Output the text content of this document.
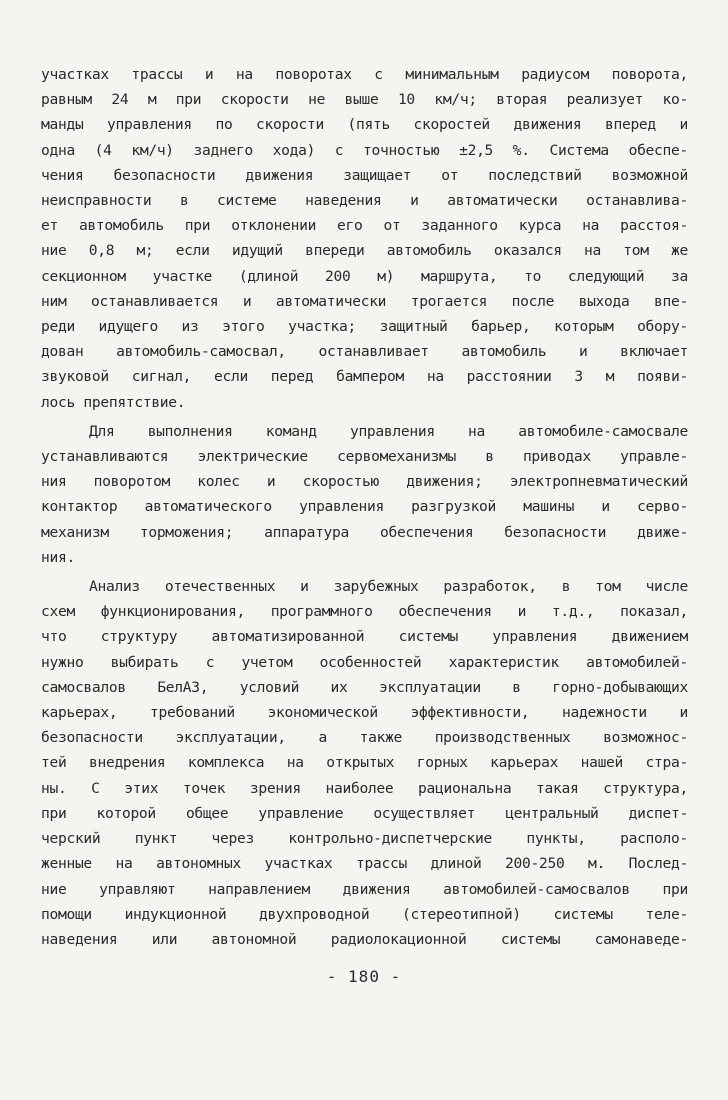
участках трассы и на поворотах с минимальным радиусом поворота,
равным 24 м при скорости не выше 10 км/ч; вторая реализует ко-
манды управления по скорости (пять скоростей движения вперед и
одна (4 км/ч) заднего хода) с точностью ±2,5 %. Система обеспе-
чения безопасности движения защищает от последствий возможной
неисправности в системе наведения и автоматически останавлива-
ет автомобиль при отклонении его от заданного курса на расстоя-
ние 0,8 м; если идущий впереди автомобиль оказался на том же
секционном участке (длиной 200 м) маршрута, то следующий за
ним останавливается и автоматически трогается после выхода впе-
реди идущего из этого участка; защитный барьер, которым обору-
дован автомобиль-самосвал, останавливает автомобиль и включает
звуковой сигнал, если перед бампером на расстоянии 3 м появи-
лось препятствие.
Для выполнения команд управления на автомобиле-самосвале
устанавливаются электрические сервомеханизмы в приводах управле-
ния поворотом колес и скоростью движения; электропневматический
контактор автоматического управления разгрузкой машины и серво-
механизм торможения; аппаратура обеспечения безопасности движе-
ния.
Анализ отечественных и зарубежных разработок, в том числе
схем функционирования, программного обеспечения и т.д., показал,
что структуру автоматизированной системы управления движением
нужно выбирать с учетом особенностей характеристик автомобилей-
самосвалов БелАЗ, условий их эксплуатации в горно-добывающих
карьерах, требований экономической эффективности, надежности и
безопасности эксплуатации, а также производственных возможнос-
тей внедрения комплекса на открытых горных карьерах нашей стра-
ны. С этих точек зрения наиболее рациональна такая структура,
при которой общее управление осуществляет центральный диспет-
черский пункт через контрольно-диспетчерские пункты, располо-
женные на автономных участках трассы длиной 200-250 м. Послед-
ние управляют направлением движения автомобилей-самосвалов при
помощи индукционной двухпроводной (стереотипной) системы теле-
наведения или автономной радиолокационной системы самонаведе-
- 180 -
